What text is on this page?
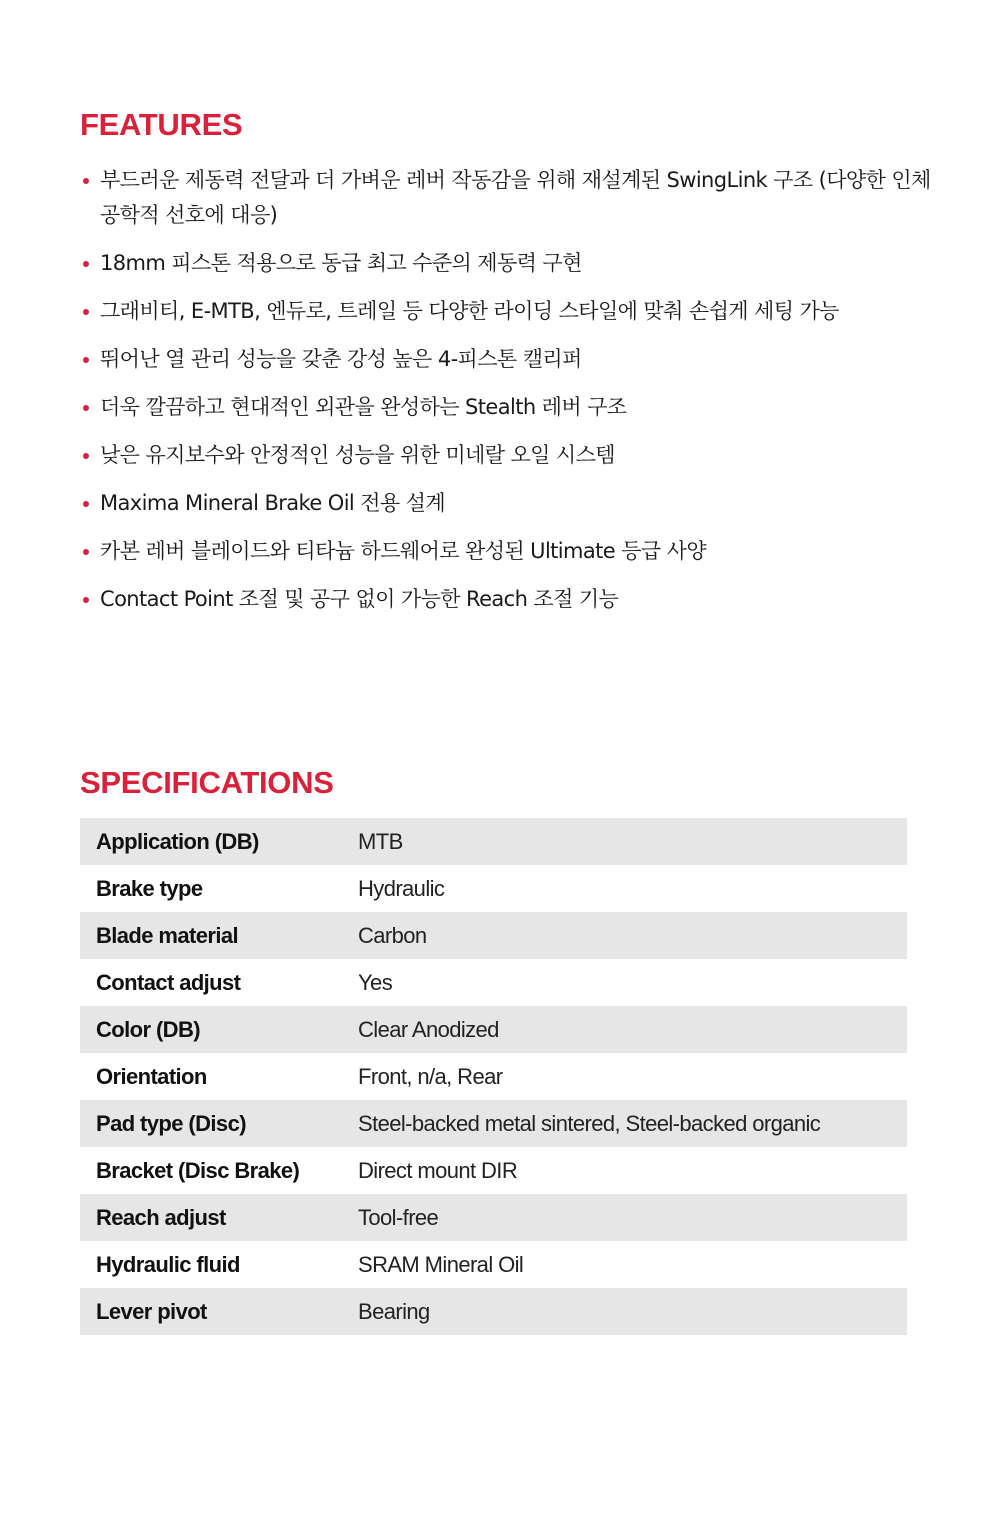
FEATURES
부드러운 제동력 전달과 더 가벼운 레버 작동감을 위해 재설계된 SwingLink 구조 (다양한 인체공학적 선호에 대응)
18mm 피스톤 적용으로 동급 최고 수준의 제동력 구현
그래비티, E-MTB, 엔듀로, 트레일 등 다양한 라이딩 스타일에 맞춰 손쉽게 세팅 가능
뛰어난 열 관리 성능을 갖춘 강성 높은 4-피스톤 캘리퍼
더욱 깔끔하고 현대적인 외관을 완성하는 Stealth 레버 구조
낮은 유지보수와 안정적인 성능을 위한 미네랄 오일 시스템
Maxima Mineral Brake Oil 전용 설계
카본 레버 블레이드와 티타늄 하드웨어로 완성된 Ultimate 등급 사양
Contact Point 조절 및 공구 없이 가능한 Reach 조절 기능
SPECIFICATIONS
Application (DB)	MTB
Brake type	Hydraulic
Blade material	Carbon
Contact adjust	Yes
Color (DB)	Clear Anodized
Orientation	Front, n/a, Rear
Pad type (Disc)	Steel-backed metal sintered, Steel-backed organic
Bracket (Disc Brake)	Direct mount DIR
Reach adjust	Tool-free
Hydraulic fluid	SRAM Mineral Oil
Lever pivot	Bearing
